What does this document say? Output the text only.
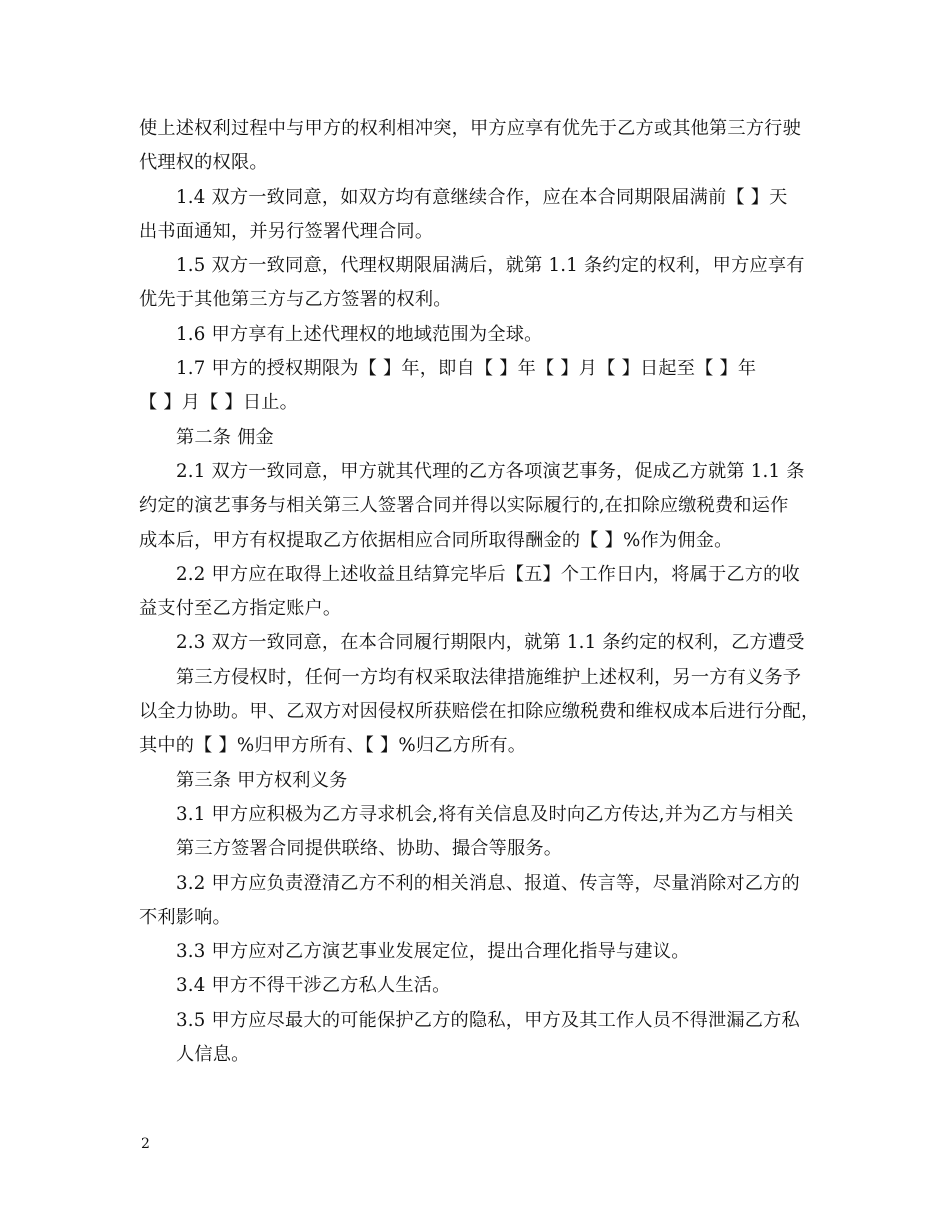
使上述权利过程中与甲方的权利相冲突，甲方应享有优先于乙方或其他第三方行驶
代理权的权限。
1.4 双方一致同意，如双方均有意继续合作，应在本合同期限届满前【 】天
出书面通知，并另行签署代理合同。
1.5 双方一致同意，代理权期限届满后，就第 1.1 条约定的权利，甲方应享有
优先于其他第三方与乙方签署的权利。
1.6 甲方享有上述代理权的地域范围为全球。
1.7 甲方的授权期限为【 】年，即自【 】年【 】月【 】日起至【 】年
【 】月【 】日止。
第二条 佣金
2.1 双方一致同意，甲方就其代理的乙方各项演艺事务，促成乙方就第 1.1 条
约定的演艺事务与相关第三人签署合同并得以实际履行的,在扣除应缴税费和运作
成本后，甲方有权提取乙方依据相应合同所取得酬金的【 】%作为佣金。
2.2 甲方应在取得上述收益且结算完毕后【五】个工作日内，将属于乙方的收
益支付至乙方指定账户。
2.3 双方一致同意，在本合同履行期限内，就第 1.1 条约定的权利，乙方遭受
第三方侵权时，任何一方均有权采取法律措施维护上述权利，另一方有义务予
以全力协助。甲、乙双方对因侵权所获赔偿在扣除应缴税费和维权成本后进行分配，
其中的【 】%归甲方所有、【 】%归乙方所有。
第三条 甲方权利义务
3.1 甲方应积极为乙方寻求机会,将有关信息及时向乙方传达,并为乙方与相关
第三方签署合同提供联络、协助、撮合等服务。
3.2 甲方应负责澄清乙方不利的相关消息、报道、传言等，尽量消除对乙方的
不利影响。
3.3 甲方应对乙方演艺事业发展定位，提出合理化指导与建议。
3.4 甲方不得干涉乙方私人生活。
3.5 甲方应尽最大的可能保护乙方的隐私，甲方及其工作人员不得泄漏乙方私
人信息。
2
